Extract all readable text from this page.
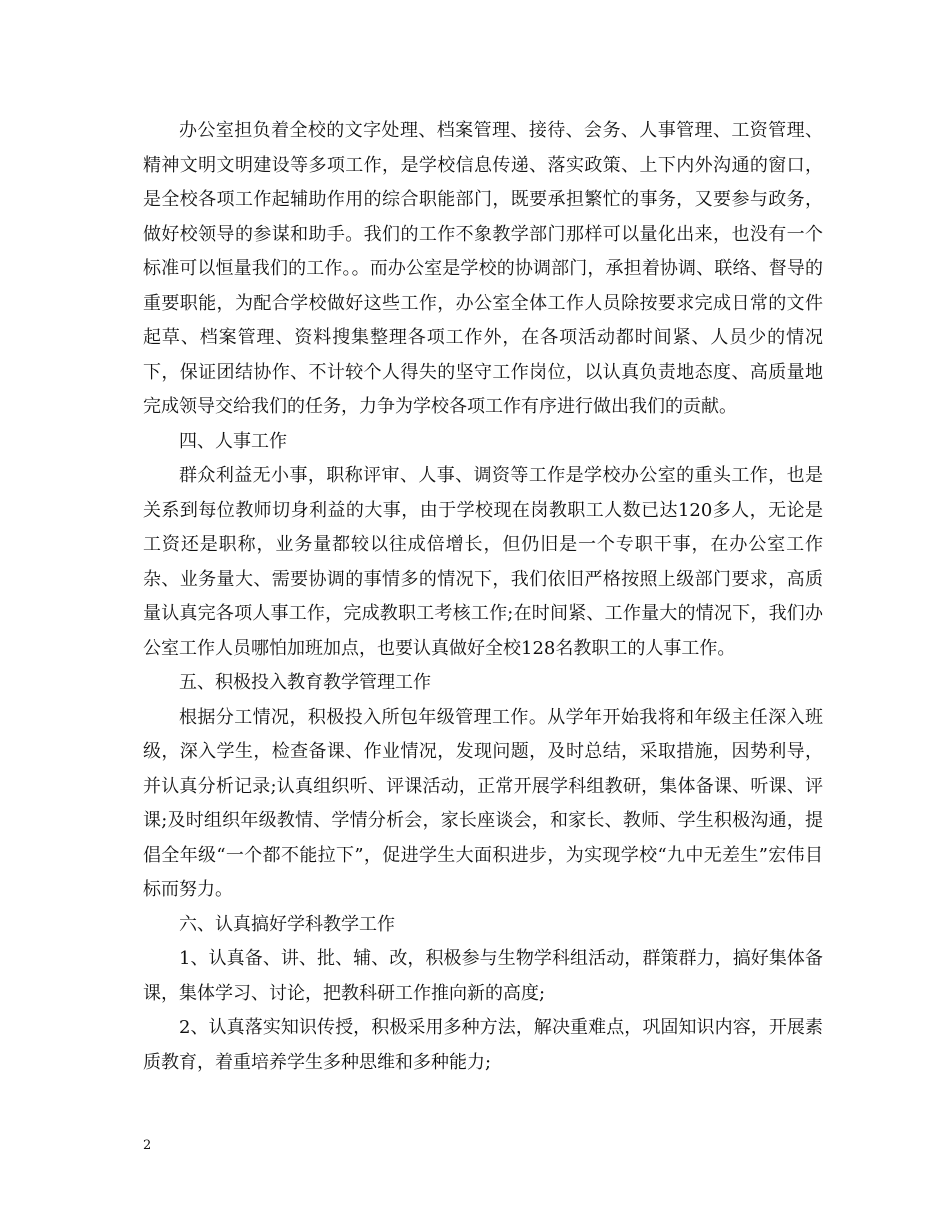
办公室担负着全校的文字处理、档案管理、接待、会务、人事管理、工资管理、精神文明文明建设等多项工作，是学校信息传递、落实政策、上下内外沟通的窗口，是全校各项工作起辅助作用的综合职能部门，既要承担繁忙的事务，又要参与政务，做好校领导的参谋和助手。我们的工作不象教学部门那样可以量化出来，也没有一个标准可以恒量我们的工作。。而办公室是学校的协调部门，承担着协调、联络、督导的重要职能，为配合学校做好这些工作，办公室全体工作人员除按要求完成日常的文件起草、档案管理、资料搜集整理各项工作外，在各项活动都时间紧、人员少的情况下，保证团结协作、不计较个人得失的坚守工作岗位，以认真负责地态度、高质量地完成领导交给我们的任务，力争为学校各项工作有序进行做出我们的贡献。

四、人事工作

群众利益无小事，职称评审、人事、调资等工作是学校办公室的重头工作，也是关系到每位教师切身利益的大事，由于学校现在岗教职工人数已达120多人，无论是工资还是职称，业务量都较以往成倍增长，但仍旧是一个专职干事，在办公室工作杂、业务量大、需要协调的事情多的情况下，我们依旧严格按照上级部门要求，高质量认真完各项人事工作，完成教职工考核工作;在时间紧、工作量大的情况下，我们办公室工作人员哪怕加班加点，也要认真做好全校128名教职工的人事工作。

五、积极投入教育教学管理工作

根据分工情况，积极投入所包年级管理工作。从学年开始我将和年级主任深入班级，深入学生，检查备课、作业情况，发现问题，及时总结，采取措施，因势利导，并认真分析记录;认真组织听、评课活动，正常开展学科组教研，集体备课、听课、评课;及时组织年级教情、学情分析会，家长座谈会，和家长、教师、学生积极沟通，提倡全年级“一个都不能拉下”，促进学生大面积进步，为实现学校“九中无差生”宏伟目标而努力。

六、认真搞好学科教学工作

1、认真备、讲、批、辅、改，积极参与生物学科组活动，群策群力，搞好集体备课，集体学习、讨论，把教科研工作推向新的高度;

2、认真落实知识传授，积极采用多种方法，解决重难点，巩固知识内容，开展素质教育，着重培养学生多种思维和多种能力;

2
